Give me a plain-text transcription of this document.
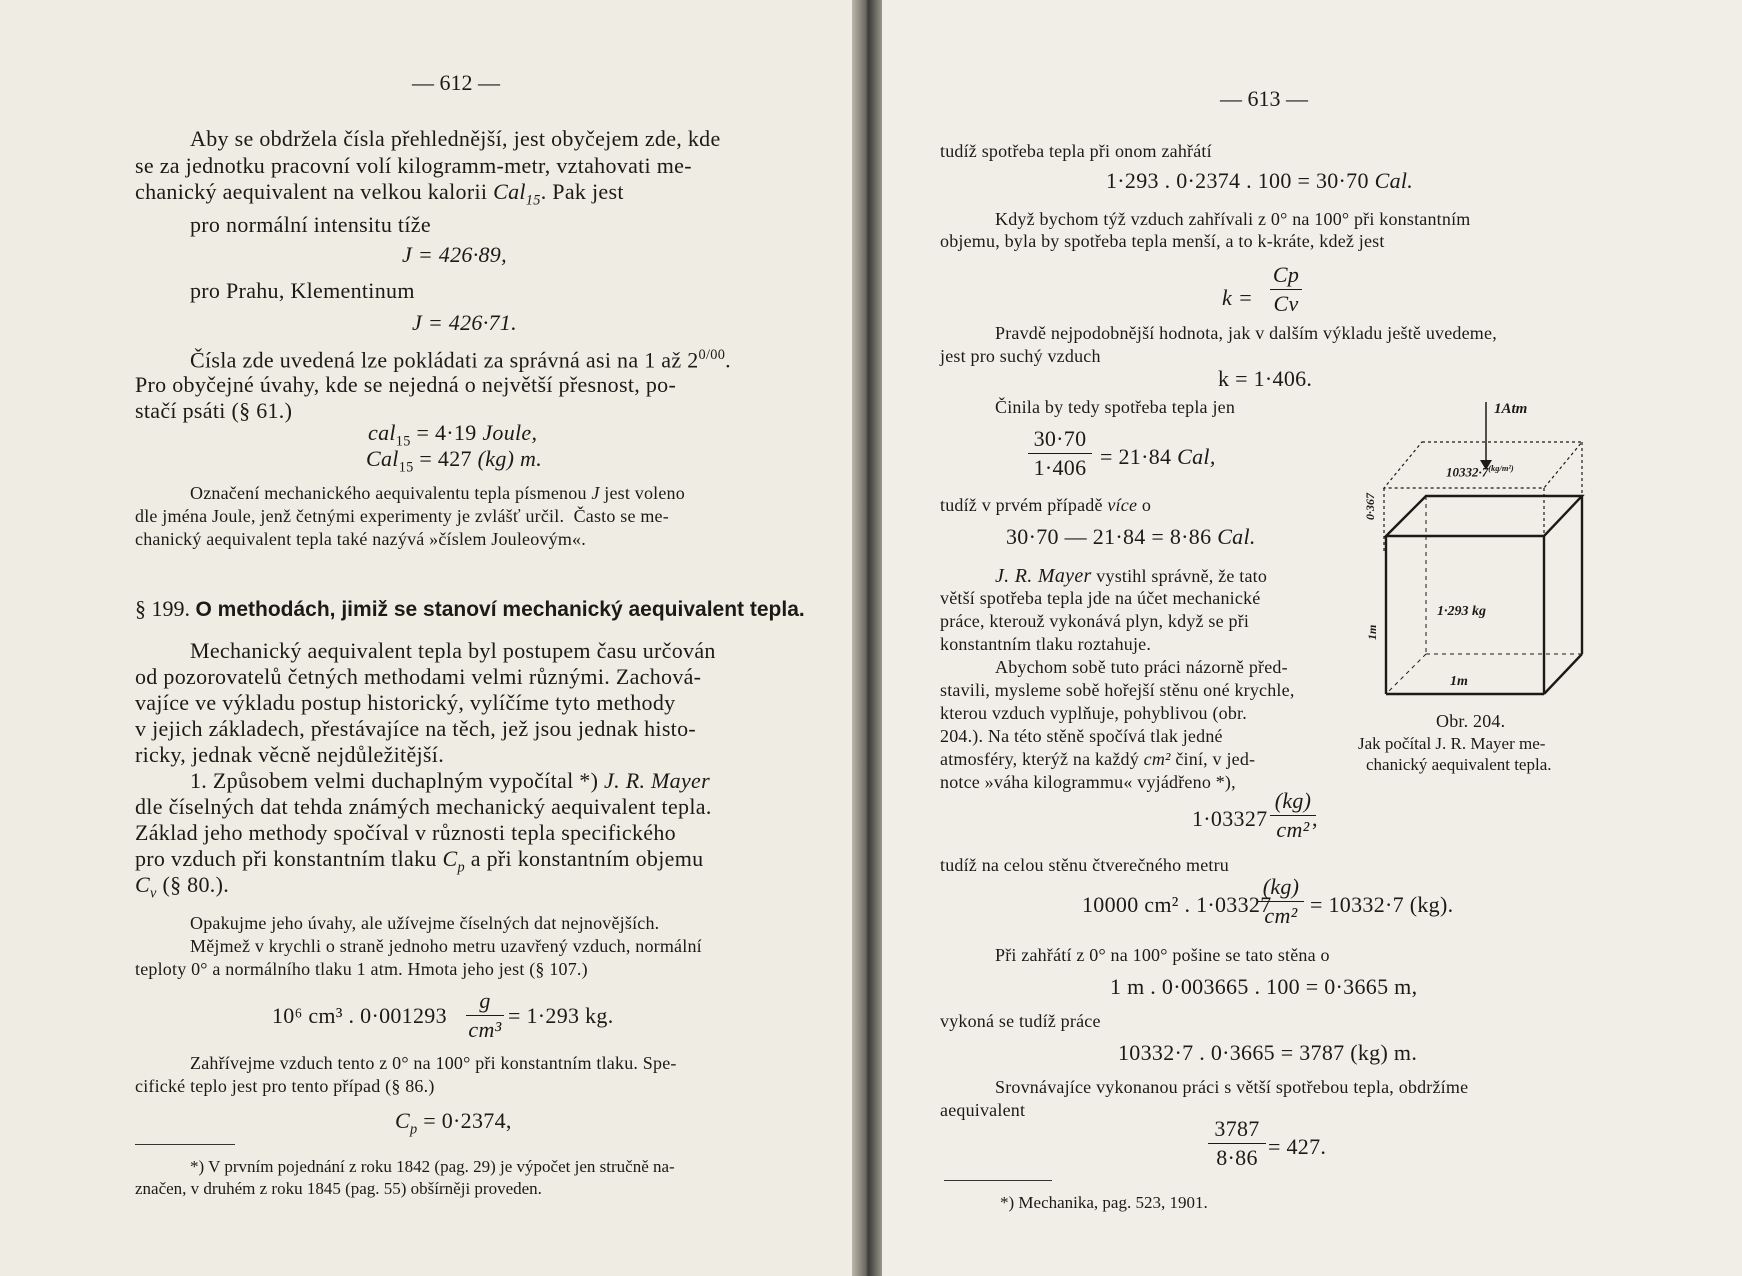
— 612 —
Aby se obdržela čísla přehlednější, jest obyčejem zde, kde
se za jednotku pracovní volí kilogramm-metr, vztahovati me-
chanický aequivalent na velkou kalorii Cal$_{15}$. Pak jest
pro normální intensitu tíže
J = 426·89,
pro Prahu, Klementinum
J = 426·71.
Čísla zde uvedená lze pokládati za správná asi na 1 až $2^{0/00}$.
Pro obyčejné úvahy, kde se nejedná o největší přesnost, po-
stačí psáti (§ 61.)
cal$_{15}$ = 4·19 Joule,
Cal$_{15}$ = 427 (kg) m.
Označení mechanického aequivalentu tepla písmenou J jest voleno
dle jména Joule, jenž četnými experimenty je zvlášť určil. Často se me-
chanický aequivalent tepla také nazývá »číslem Jouleovým«.
§ 199. O methodách, jimiž se stanoví mechanický aequivalent tepla.
Mechanický aequivalent tepla byl postupem času určován
od pozorovatelů četných methodami velmi různými. Zachová-
vajíce ve výkladu postup historický, vylíčíme tyto methody
v jejich základech, přestávajíce na těch, jež jsou jednak histo-
ricky, jednak věcně nejdůležitější.
1. Způsobem velmi duchaplným vypočítal *) J. R. Mayer
dle číselných dat tehda známých mechanický aequivalent tepla.
Základ jeho methody spočíval v různosti tepla specifického
pro vzduch při konstantním tlaku $C_p$ a při konstantním objemu
$C_v$ (§ 80.).
Opakujme jeho úvahy, ale užívejme číselných dat nejnovějších.
Mějmež v krychli o straně jednoho metru uzavřený vzduch, normální
teploty 0° a normálního tlaku 1 atm. Hmota jeho jest (§ 107.)
10⁶ cm³ . 0·001293
g
cm³
= 1·293 kg.
Zahřívejme vzduch tento z 0° na 100° při konstantním tlaku. Spe-
cifické teplo jest pro tento případ (§ 86.)
$C_p = 0\cdot 2374$,
*) V prvním pojednání z roku 1842 (pag. 29) je výpočet jen stručně na-
značen, v druhém z roku 1845 (pag. 55) obšírněji proveden.
— 613 —
tudíž spotřeba tepla při onom zahřátí
1·293 . 0·2374 . 100 = 30·70 Cal.
Když bychom týž vzduch zahřívali z 0° na 100° při konstantním
objemu, byla by spotřeba tepla menší, a to k-kráte, kdež jest
k =
Cp
Cv
Pravdě nejpodobnější hodnota, jak v dalším výkladu ještě uvedeme,
jest pro suchý vzduch
k = 1·406.
Činila by tedy spotřeba tepla jen
30·70
1·406 = 21·84 Cal,
tudíž v prvém případě více o
30·70 — 21·84 = 8·86 Cal.
J. R. Mayer vystihl správně, že tato
větší spotřeba tepla jde na účet mechanické
práce, kterouž vykonává plyn, když se při
konstantním tlaku roztahuje.
Abychom sobě tuto práci názorně před-
stavili, mysleme sobě hořejší stěnu oné krychle,
kterou vzduch vyplňuje, pohyblivou (obr.
204.). Na této stěně spočívá tlak jedné
atmosféry, kterýž na každý cm² činí, v jed-
notce »váha kilogrammu« vyjádřeno *),
1·03327
(kg)
cm² ,
tudíž na celou stěnu čtverečného metru
10000 cm² . 1·03327
(kg)
cm² = 10332·7 (kg).
Při zahřátí z 0° na 100° pošine se tato stěna o
1 m . 0·003665 . 100 = 0·3665 m,
vykoná se tudíž práce
10332·7 . 0·3665 = 3787 (kg) m.
Srovnávajíce vykonanou práci s větší spotřebou tepla, obdržíme
aequivalent
3787
8·86 = 427.
*) Mechanika, pag. 523, 1901.
1Atm
$10332\cdot 7^{(kg/m^2)}$
0·367
1m
1·293 kg
1m
Obr. 204.
Jak počítal J. R. Mayer me-
chanický aequivalent tepla.
